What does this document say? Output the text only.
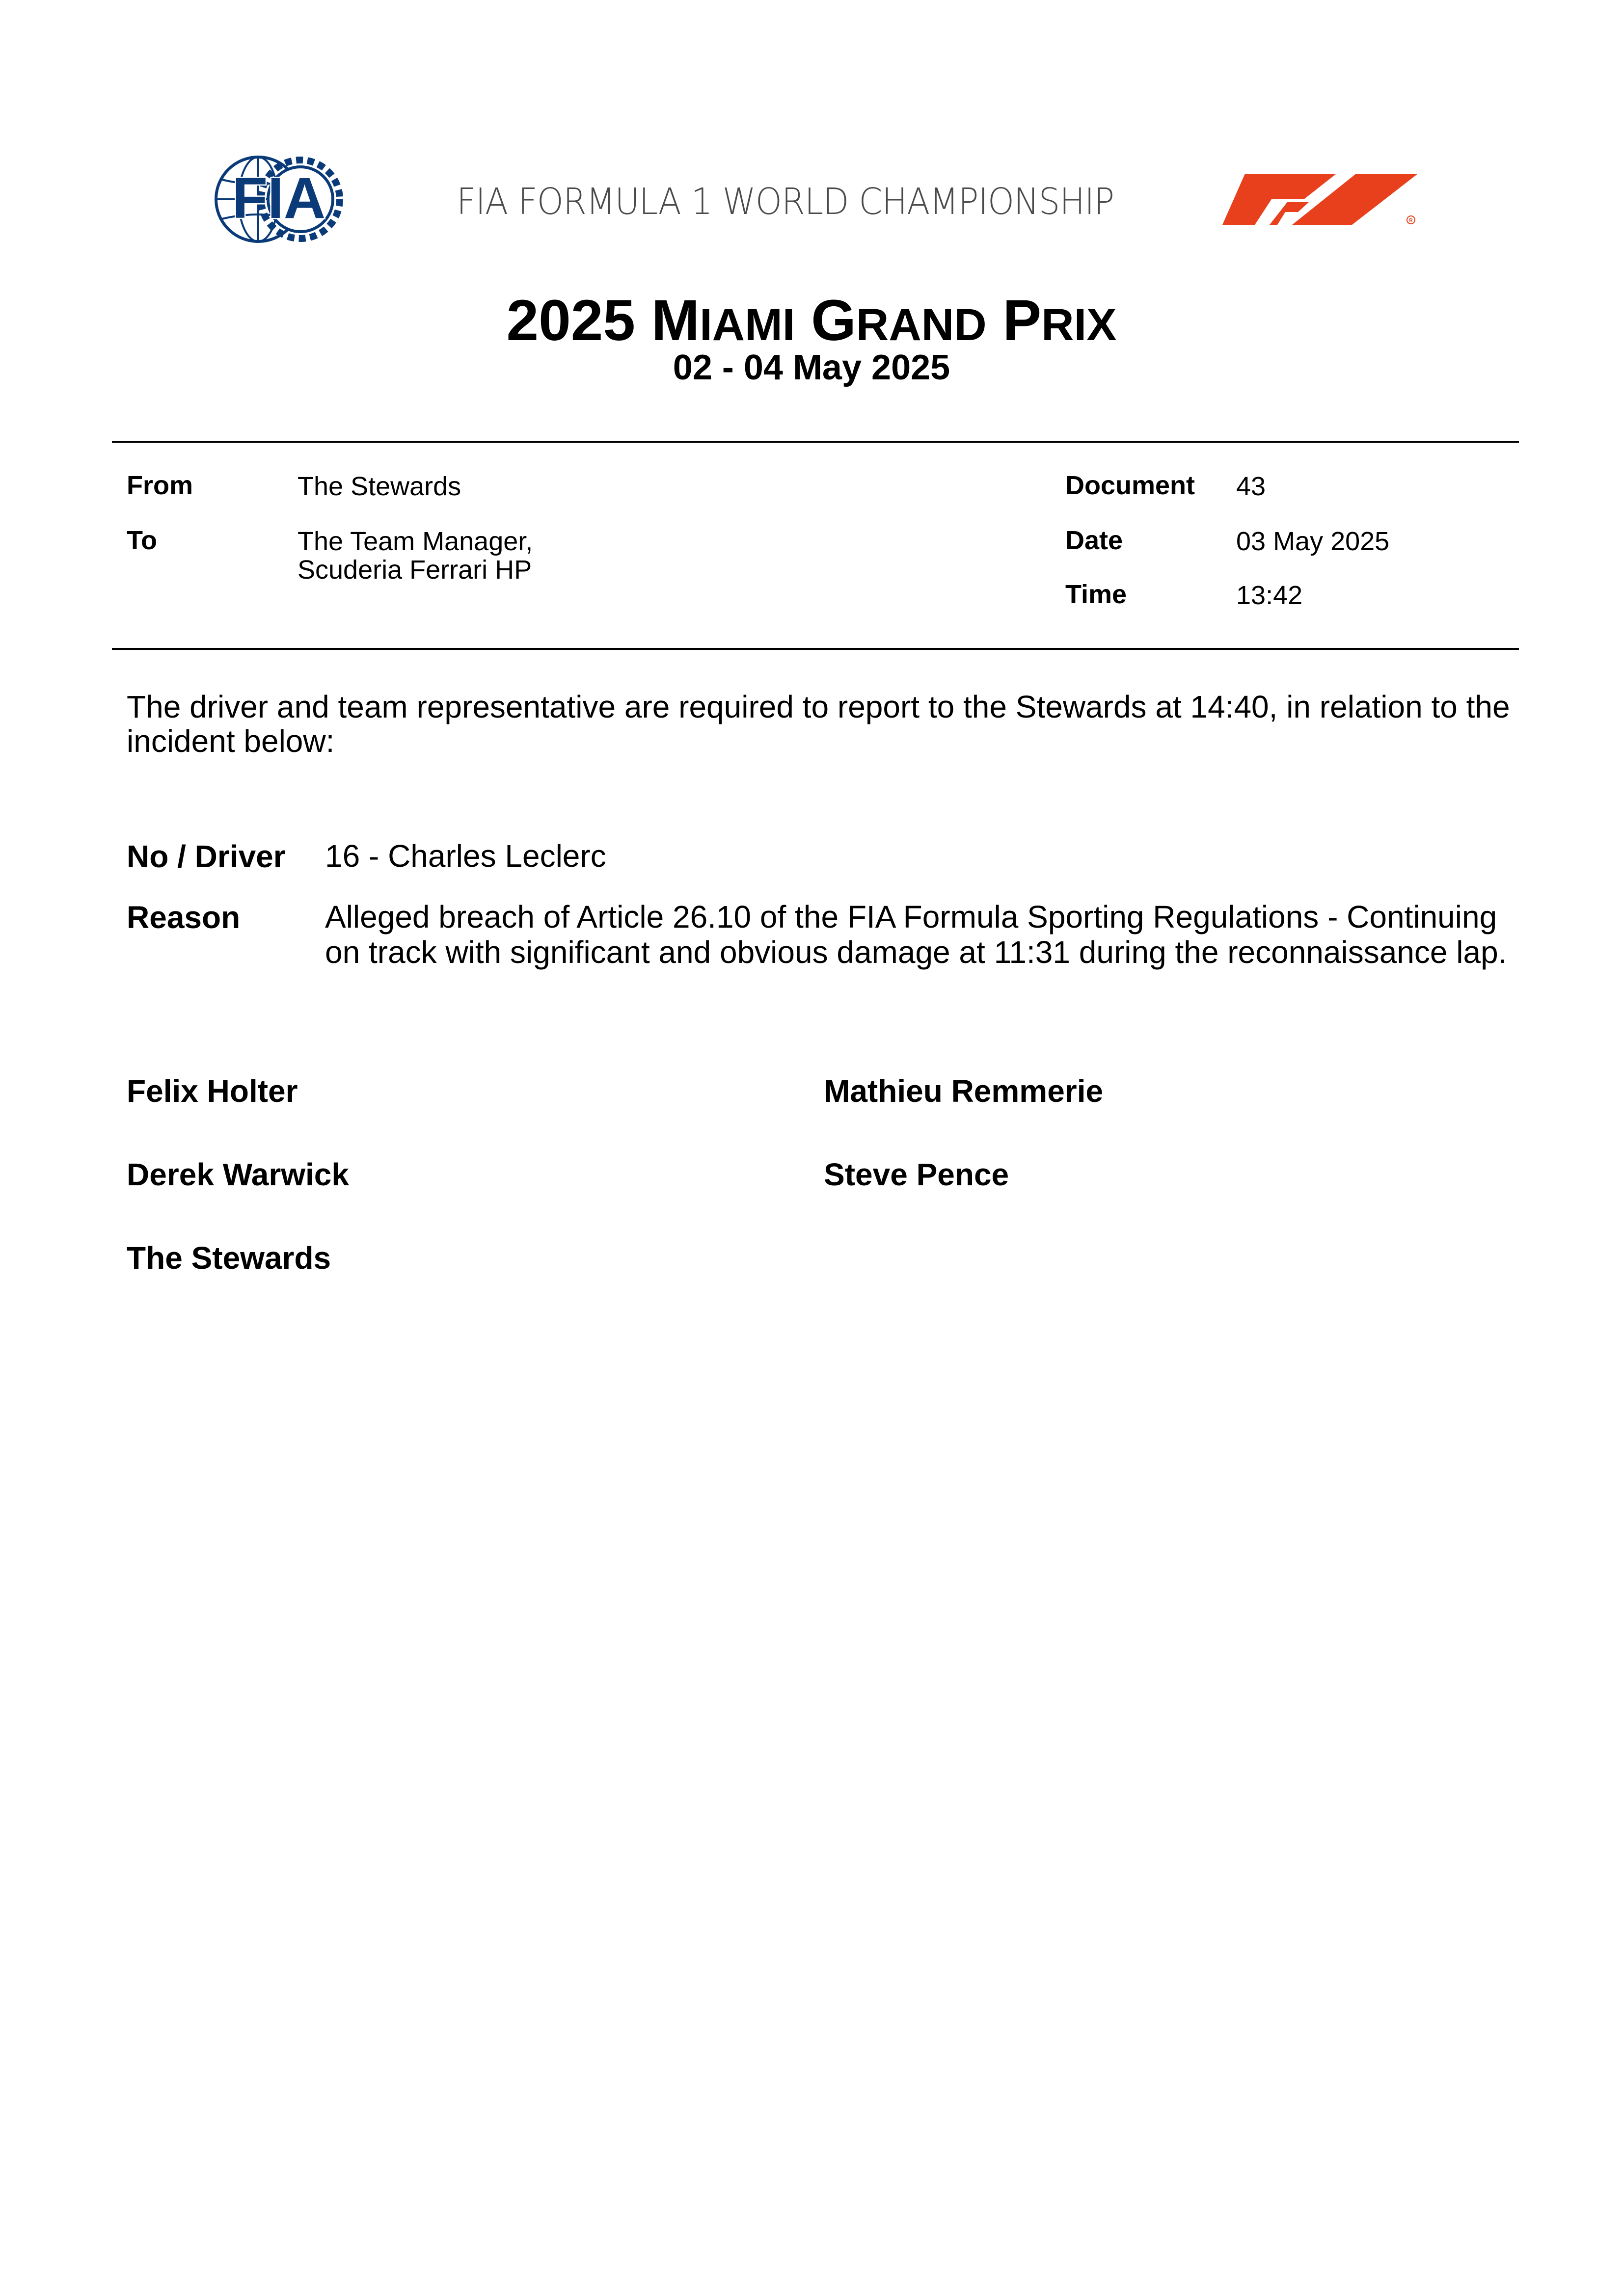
FIA	FIA FORMULA 1 WORLD CHAMPIONSHIP	R
2025 MIAMI GRAND PRIX
02 - 04 May 2025
From	The Stewards
To	The Team Manager,
Scuderia Ferrari HP
Document 43
Date	03 May 2025
Time	13:42
The driver and team representative are required to report to the Stewards at 14:40, in relation to the incident below:
No / Driver 16 - Charles Leclerc
Reason	Alleged breach of Article 26.10 of the FIA Formula Sporting Regulations - Continuing on track with significant and obvious damage at 11:31 during the reconnaissance lap.
Felix Holter	Mathieu Remmerie
Derek Warwick	Steve Pence
The Stewards
